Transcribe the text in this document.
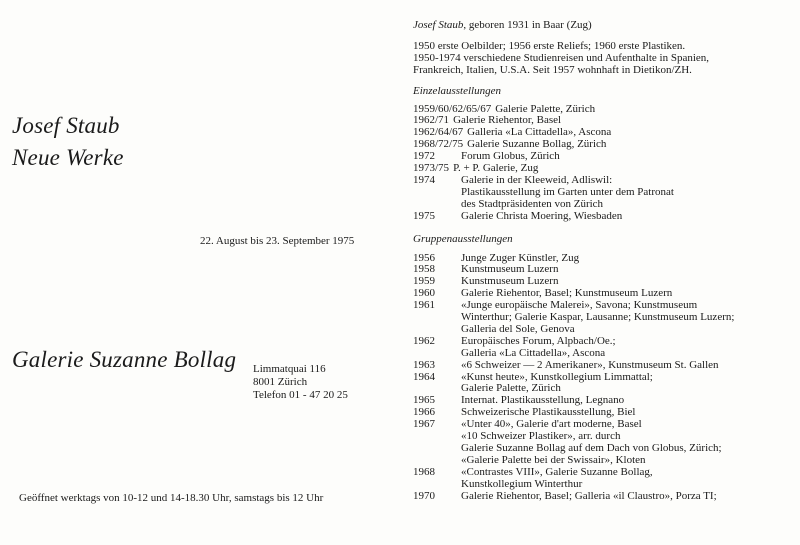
Josef Staub
Neue Werke
22. August bis 23. September 1975
Galerie Suzanne Bollag Limmatquai 116
8001 Zürich
Telefon 01 - 47 20 25
Geöffnet werktags von 10-12 und 14-18.30 Uhr, samstags bis 12 Uhr
Josef Staub , geboren 1931 in Baar (Zug)
1950 erste Oelbilder; 1956 erste Reliefs; 1960 erste Plastiken.
1950-1974 verschiedene Studienreisen und Aufenthalte in Spanien,
Frankreich, Italien, U.S.A. Seit 1957 wohnhaft in Dietikon/ZH.
Einzelausstellungen
1959/60/62/65/67 Galerie Palette, Zürich
1962/71 Galerie Riehentor, Basel
1962/64/67 Galleria «La Cittadella», Ascona
1968/72/75 Galerie Suzanne Bollag, Zürich
1972	Forum Globus, Zürich
1973/75 P. + P. Galerie, Zug
1974	Galerie in der Kleeweid, Adliswil:
Plastikausstellung im Garten unter dem Patronat
des Stadtpräsidenten von Zürich
1975	Galerie Christa Moering, Wiesbaden
Gruppenausstellungen
1956	Junge Zuger Künstler, Zug
1958	Kunstmuseum Luzern
1959	Kunstmuseum Luzern
1960	Galerie Riehentor, Basel; Kunstmuseum Luzern
1961	«Junge europäische Malerei», Savona; Kunstmuseum
Winterthur; Galerie Kaspar, Lausanne; Kunstmuseum Luzern;
Galleria del Sole, Genova
1962	Europäisches Forum, Alpbach/Oe.;
Galleria «La Cittadella», Ascona
1963	«6 Schweizer — 2 Amerikaner», Kunstmuseum St. Gallen
1964	«Kunst heute», Kunstkollegium Limmattal;
Galerie Palette, Zürich
1965	Internat. Plastikausstellung, Legnano
1966	Schweizerische Plastikausstellung, Biel
1967	«Unter 40», Galerie d'art moderne, Basel
«10 Schweizer Plastiker», arr. durch
Galerie Suzanne Bollag auf dem Dach von Globus, Zürich;
«Galerie Palette bei der Swissair», Kloten
1968	«Contrastes VIII», Galerie Suzanne Bollag,
Kunstkollegium Winterthur
1970	Galerie Riehentor, Basel; Galleria «il Claustro», Porza TI;
